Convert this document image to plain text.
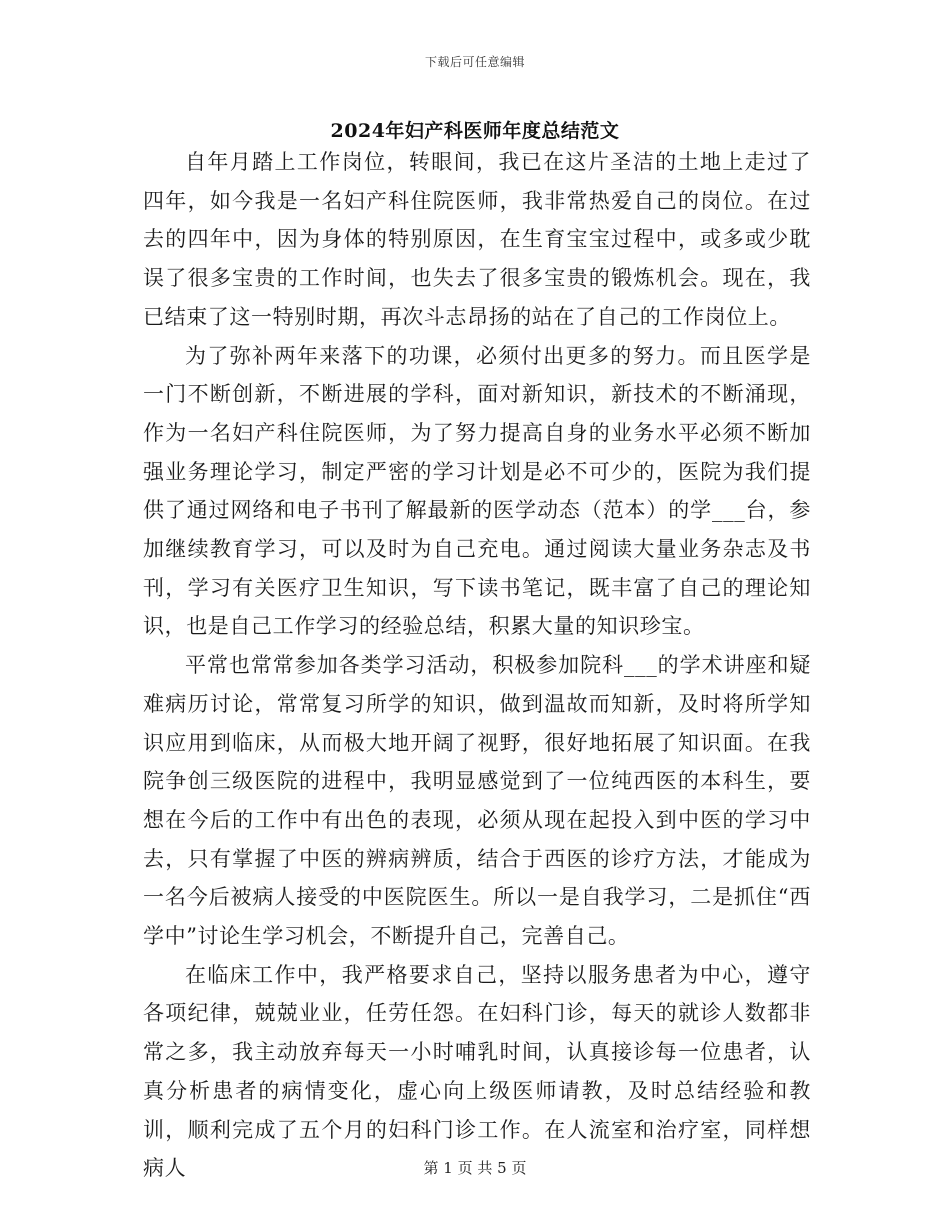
下载后可任意编辑
2024年妇产科医师年度总结范文

自年月踏上工作岗位，转眼间，我已在这片圣洁的土地上走过了四年，如今我是一名妇产科住院医师，我非常热爱自己的岗位。在过去的四年中，因为身体的特别原因，在生育宝宝过程中，或多或少耽误了很多宝贵的工作时间，也失去了很多宝贵的锻炼机会。现在，我已结束了这一特别时期，再次斗志昂扬的站在了自己的工作岗位上。

为了弥补两年来落下的功课，必须付出更多的努力。而且医学是一门不断创新，不断进展的学科，面对新知识，新技术的不断涌现，作为一名妇产科住院医师，为了努力提高自身的业务水平必须不断加强业务理论学习，制定严密的学习计划是必不可少的，医院为我们提供了通过网络和电子书刊了解最新的医学动态（范本）的学___台，参加继续教育学习，可以及时为自己充电。通过阅读大量业务杂志及书刊，学习有关医疗卫生知识，写下读书笔记，既丰富了自己的理论知识，也是自己工作学习的经验总结，积累大量的知识珍宝。

平常也常常参加各类学习活动，积极参加院科___的学术讲座和疑难病历讨论，常常复习所学的知识，做到温故而知新，及时将所学知识应用到临床，从而极大地开阔了视野，很好地拓展了知识面。在我院争创三级医院的进程中，我明显感觉到了一位纯西医的本科生，要想在今后的工作中有出色的表现，必须从现在起投入到中医的学习中去，只有掌握了中医的辨病辨质，结合于西医的诊疗方法，才能成为一名今后被病人接受的中医院医生。所以一是自我学习，二是抓住“西学中”讨论生学习机会，不断提升自己，完善自己。

在临床工作中，我严格要求自己，坚持以服务患者为中心，遵守各项纪律，兢兢业业，任劳任怨。在妇科门诊，每天的就诊人数都非常之多，我主动放弃每天一小时哺乳时间，认真接诊每一位患者，认真分析患者的病情变化，虚心向上级医师请教，及时总结经验和教训，顺利完成了五个月的妇科门诊工作。在人流室和治疗室，同样想病人	第 1 页 共 5 页
